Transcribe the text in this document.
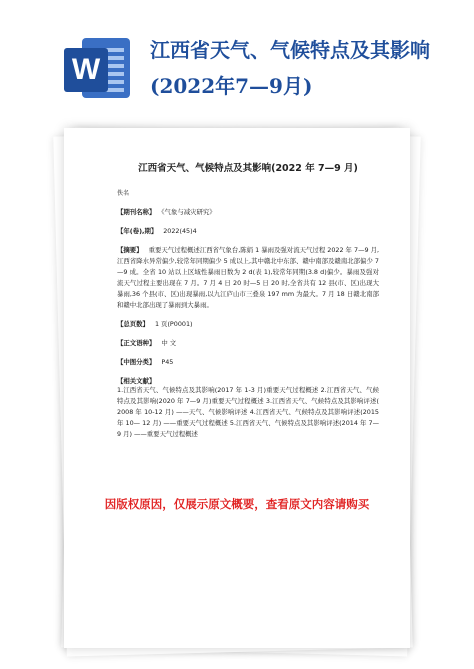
W
江西省天气、气候特点及其影响(2022年7—9月)
江西省天气、气候特点及其影响(2022 年 7—9 月)
佚名
【期刊名称】 《气象与减灾研究》
【年(卷),期】 2022(45)4
【摘要】 重要天气过程概述江西省气象台,陈娟 1 暴雨及强对流天气过程 2022 年 7—9 月,江西省降水异常偏少,较常年同期偏少 5 成以上,其中赣北中东部、赣中南部及赣南北部偏少 7—9 成。全省 10 站以上区域性暴雨日数为 2 d(表 1),较常年同期(3.8 d)偏少。暴雨及强对流天气过程主要出现在 7 月。7 月 4 日 20 时—5 日 20 时,全省共有 12 县(市、区)出现大暴雨,36 个县(市、区)出现暴雨,以九江庐山市三叠泉 197 mm 为最大。7 月 18 日赣北南部和赣中北部出现了暴雨到大暴雨。
【总页数】 1 页(P0001)
【正文语种】 中 文
【中图分类】 P45
【相关文献】
1.江西省天气、气候特点及其影响(2017 年 1-3 月)重要天气过程概述 2.江西省天气、气候特点及其影响(2020 年 7—9 月)重要天气过程概述 3.江西省天气、气候特点及其影响评述( 2008 年 10-12 月) ——天气、气候影响评述 4.江西省天气、气候特点及其影响评述(2015 年 10— 12 月) ——重要天气过程概述 5.江西省天气、气候特点及其影响评述(2014 年 7—9 月) ——重要天气过程概述
因版权原因，仅展示原文概要，查看原文内容请购买
